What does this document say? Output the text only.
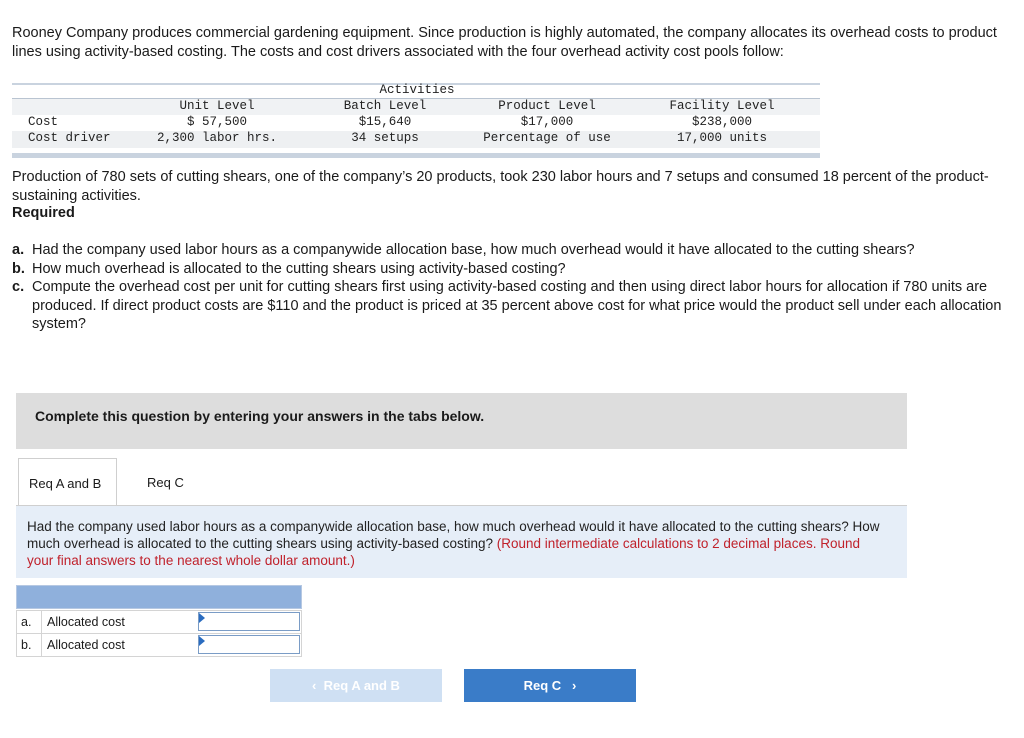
Rooney Company produces commercial gardening equipment. Since production is highly automated, the company allocates its overhead costs to product lines using activity-based costing. The costs and cost drivers associated with the four overhead activity cost pools follow:
Activities
Unit Level	Batch Level	Product Level	Facility Level
Cost	$ 57,500	$15,640	$17,000	$238,000
Cost driver	2,300 labor hrs.	34 setups	Percentage of use	17,000 units
Production of 780 sets of cutting shears, one of the company’s 20 products, took 230 labor hours and 7 setups and consumed 18 percent of the product-sustaining activities.
Required
a. Had the company used labor hours as a companywide allocation base, how much overhead would it have allocated to the cutting shears?
b. How much overhead is allocated to the cutting shears using activity-based costing?
c. Compute the overhead cost per unit for cutting shears first using activity-based costing and then using direct labor hours for allocation if 780 units are produced. If direct product costs are $110 and the product is priced at 35 percent above cost for what price would the product sell under each allocation system?
Complete this question by entering your answers in the tabs below.
Req A and B	Req C
Had the company used labor hours as a companywide allocation base, how much overhead would it have allocated to the cutting shears? How much overhead is allocated to the cutting shears using activity-based costing? (Round intermediate calculations to 2 decimal places. Round your final answers to the nearest whole dollar amount.)
a. Allocated cost
b. Allocated cost
‹ Req A and B	Req C ›
